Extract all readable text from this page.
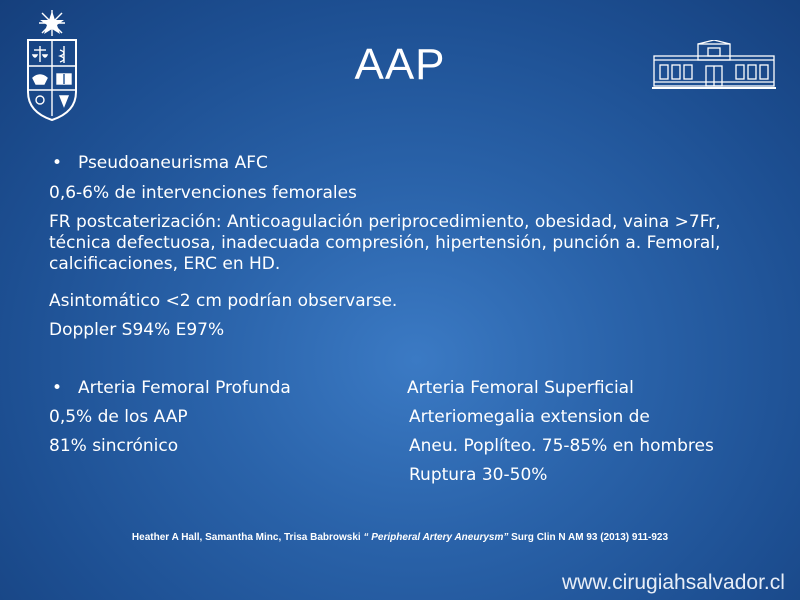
AAP
• Pseudoaneurisma AFC
0,6-6% de intervenciones femorales
FR postcaterización: Anticoagulación periprocedimiento, obesidad, vaina >7Fr, técnica defectuosa, inadecuada compresión, hipertensión, punción a. Femoral, calcificaciones, ERC en HD.
Asintomático <2 cm podrían observarse.
Doppler S94% E97%
• Arteria Femoral Profunda	Arteria Femoral Superficial
0,5% de los AAP	Arteriomegalia extension de
81% sincrónico	Aneu. Poplíteo. 75-85% en hombres
Ruptura 30-50%
Heather A Hall, Samantha Minc, Trisa Babrowski “ Peripheral Artery Aneurysm” Surg Clin N AM 93 (2013) 911-923
www.cirugiahsalvador.cl
